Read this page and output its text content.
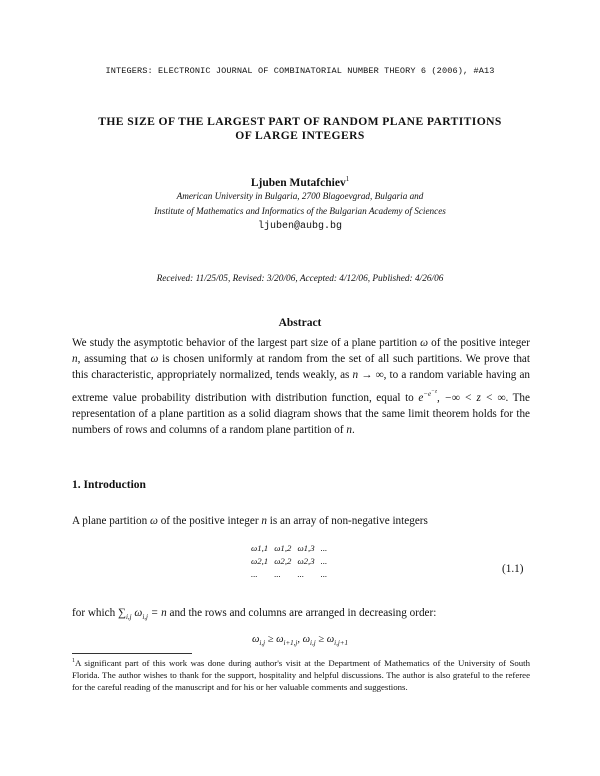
INTEGERS: ELECTRONIC JOURNAL OF COMBINATORIAL NUMBER THEORY 6 (2006), #A13
THE SIZE OF THE LARGEST PART OF RANDOM PLANE PARTITIONS
OF LARGE INTEGERS
Ljuben Mutafchiev$^1$
American University in Bulgaria, 2700 Blagoevgrad, Bulgaria and
Institute of Mathematics and Informatics of the Bulgarian Academy of Sciences
ljuben@aubg.bg
Received: 11/25/05, Revised: 3/20/06, Accepted: 4/12/06, Published: 4/26/06
Abstract
We study the asymptotic behavior of the largest part size of a plane partition ω of the positive integer n, assuming that ω is chosen uniformly at random from the set of all such partitions. We prove that this characteristic, appropriately normalized, tends weakly, as n → ∞, to a random variable having an extreme value probability distribution with distribution function, equal to $e^{-e^{-z}}$, −∞ < z < ∞. The representation of a plane partition as a solid diagram shows that the same limit theorem holds for the numbers of rows and columns of a random plane partition of n.
1. Introduction
A plane partition ω of the positive integer n is an array of non-negative integers
ω1,1	ω1,2	ω1,3	...
ω2,1	ω2,2	ω2,3	...
...	...	...	...	(1.1)
for which $\sum_{i,j}$ $\omega_{i,j} = n$ and the rows and columns are arranged in decreasing order:
$\omega_{i,j} \ge \omega_{i+1,j}$, $\omega_{i,j} \ge \omega_{i,j+1}$
$^1$A significant part of this work was done during author's visit at the Department of Mathematics of the University of South Florida. The author wishes to thank for the support, hospitality and helpful discussions. The author is also grateful to the referee for the careful reading of the manuscript and for his or her valuable comments and suggestions.
